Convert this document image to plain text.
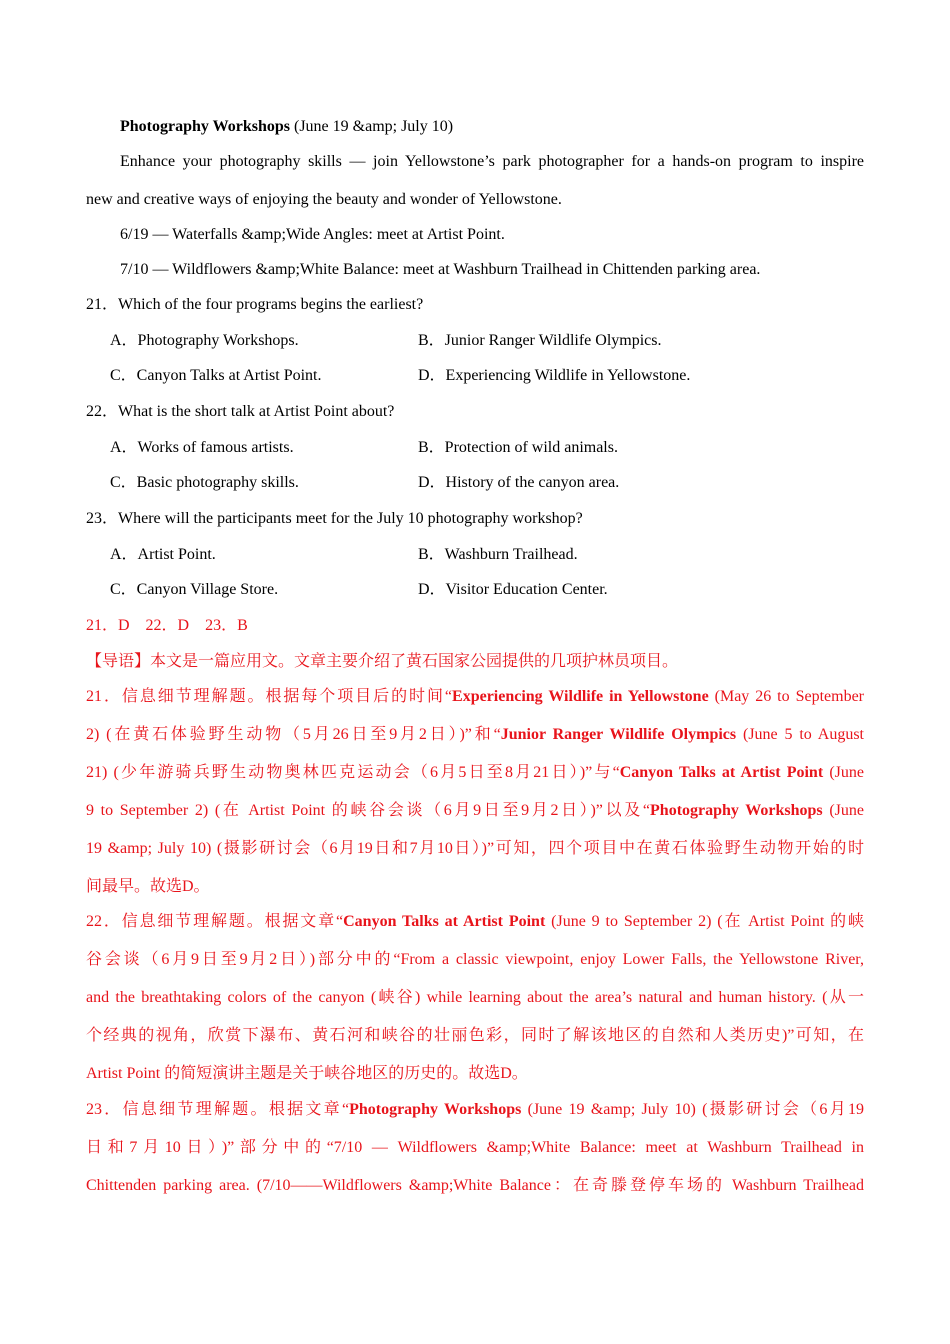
Photography Workshops (June 19 &amp; July 10)
Enhance your photography skills — join Yellowstone’s park photographer for a hands-on program to inspire
new and creative ways of enjoying the beauty and wonder of Yellowstone.
6/19 — Waterfalls &amp;Wide Angles: meet at Artist Point.
7/10 — Wildflowers &amp;White Balance: meet at Washburn Trailhead in Chittenden parking area.
21．Which of the four programs begins the earliest?
A．Photography Workshops.	B．Junior Ranger Wildlife Olympics.
C．Canyon Talks at Artist Point.	D．Experiencing Wildlife in Yellowstone.
22．What is the short talk at Artist Point about?
A．Works of famous artists.	B．Protection of wild animals.
C．Basic photography skills.	D．History of the canyon area.
23．Where will the participants meet for the July 10 photography workshop?
A．Artist Point.	B．Washburn Trailhead.
C．Canyon Village Store.	D．Visitor Education Center.
21．D　22．D　23．B
【导语】本文是一篇应用文。文章主要介绍了黄石国家公园提供的几项护林员项目。
21．信息细节理解题。根据每个项目后的时间“Experiencing Wildlife in Yellowstone (May 26 to September
2) (在黄石体验野生动物（5月26日至9月2日）)”和“Junior Ranger Wildlife Olympics (June 5 to August
21) (少年游骑兵野生动物奥林匹克运动会（6月5日至8月21日）)”与“Canyon Talks at Artist Point (June
9 to September 2) (在 Artist Point 的峡谷会谈（6月9日至9月2日）)”以及“Photography Workshops (June
19 &amp; July 10) (摄影研讨会（6月19日和7月10日）)”可知，四个项目中在黄石体验野生动物开始的时
间最早。故选D。
22．信息细节理解题。根据文章“Canyon Talks at Artist Point (June 9 to September 2) (在 Artist Point 的峡
谷会谈（6月9日至9月2日）)部分中的“From a classic viewpoint, enjoy Lower Falls, the Yellowstone River,
and the breathtaking colors of the canyon (峡谷) while learning about the area’s natural and human history. (从一
个经典的视角，欣赏下瀑布、黄石河和峡谷的壮丽色彩，同时了解该地区的自然和人类历史)”可知，在
Artist Point 的简短演讲主题是关于峡谷地区的历史的。故选D。
23．信息细节理解题。根据文章“Photography Workshops (June 19 &amp; July 10) (摄影研讨会（6月19
日和7月10日）)”部分中的“7/10 — Wildflowers &amp;White Balance: meet at Washburn Trailhead in
Chittenden parking area. (7/10——Wildflowers &amp;White Balance：在奇滕登停车场的 Washburn Trailhead
